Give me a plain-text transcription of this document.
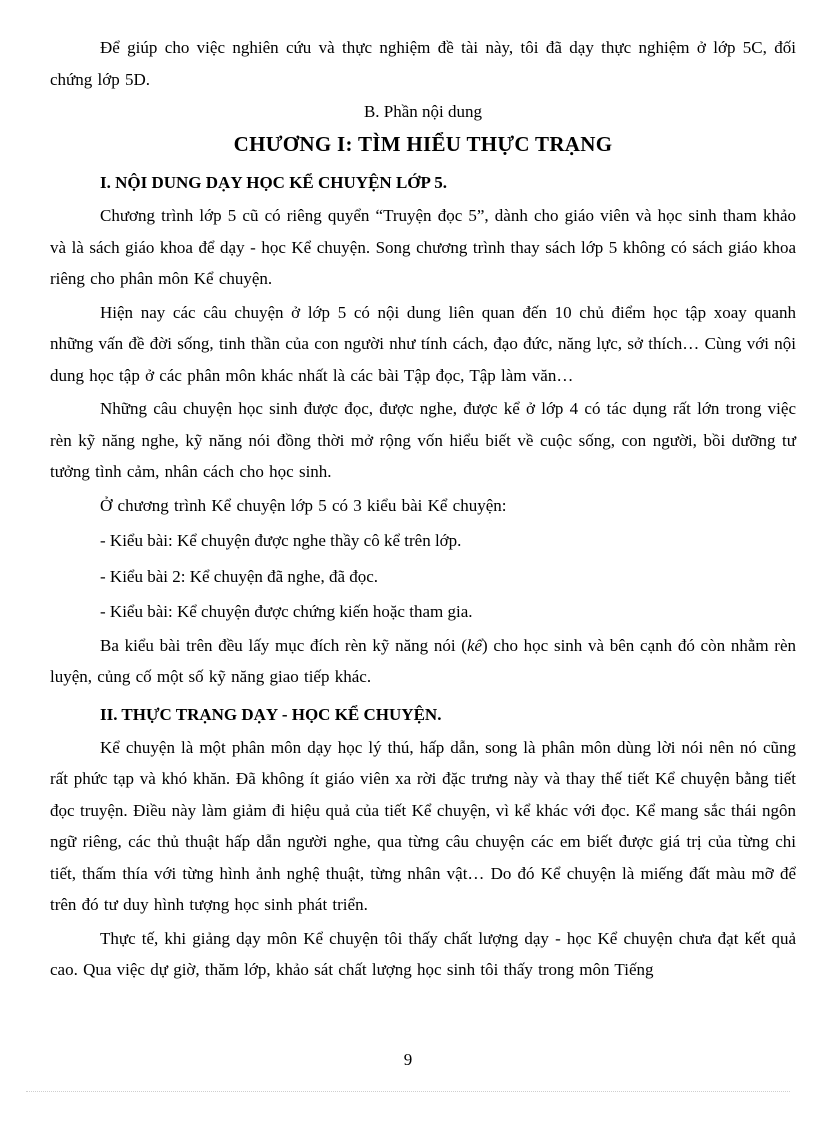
Để giúp cho việc nghiên cứu và thực nghiệm đề tài này, tôi đã dạy thực nghiệm ở lớp 5C, đối chứng lớp 5D.

B. Phần nội dung

CHƯƠNG I: TÌM HIỂU THỰC TRẠNG
I. NỘI DUNG DẠY HỌC KỂ CHUYỆN LỚP 5.

Chương trình lớp 5 cũ có riêng quyển “Truyện đọc 5”, dành cho giáo viên và học sinh tham khảo và là sách giáo khoa để dạy - học Kể chuyện. Song chương trình thay sách lớp 5 không có sách giáo khoa riêng cho phân môn Kể chuyện.

Hiện nay các câu chuyện ở lớp 5 có nội dung liên quan đến 10 chủ điểm học tập xoay quanh những vấn đề đời sống, tinh thần của con người như tính cách, đạo đức, năng lực, sở thích… Cùng với nội dung học tập ở các phân môn khác nhất là các bài Tập đọc, Tập làm văn…

Những câu chuyện học sinh được đọc, được nghe, được kể ở lớp 4 có tác dụng rất lớn trong việc rèn kỹ năng nghe, kỹ năng nói đồng thời mở rộng vốn hiểu biết về cuộc sống, con người, bồi dưỡng tư tưởng tình cảm, nhân cách cho học sinh.

Ở chương trình Kể chuyện lớp 5 có 3 kiểu bài Kể chuyện:

- Kiểu bài: Kể chuyện được nghe thầy cô kể trên lớp.

- Kiểu bài 2: Kể chuyện đã nghe, đã đọc.

- Kiểu bài: Kể chuyện được chứng kiến hoặc tham gia.

Ba kiểu bài trên đều lấy mục đích rèn kỹ năng nói (kể) cho học sinh và bên cạnh đó còn nhằm rèn luyện, củng cố một số kỹ năng giao tiếp khác.

II. THỰC TRẠNG DẠY - HỌC KỂ CHUYỆN.

Kể chuyện là một phân môn dạy học lý thú, hấp dẫn, song là phân môn dùng lời nói nên nó cũng rất phức tạp và khó khăn. Đã không ít giáo viên xa rời đặc trưng này và thay thế tiết Kể chuyện bằng tiết đọc truyện. Điều này làm giảm đi hiệu quả của tiết Kể chuyện, vì kể khác với đọc. Kể mang sắc thái ngôn ngữ riêng, các thủ thuật hấp dẫn người nghe, qua từng câu chuyện các em biết được giá trị của từng chi tiết, thấm thía với từng hình ảnh nghệ thuật, từng nhân vật… Do đó Kể chuyện là miếng đất màu mỡ để trên đó tư duy hình tượng học sinh phát triển.

Thực tế, khi giảng dạy môn Kể chuyện tôi thấy chất lượng dạy - học Kể chuyện chưa đạt kết quả cao. Qua việc dự giờ, thăm lớp, khảo sát chất lượng học sinh tôi thấy trong môn Tiếng

9
